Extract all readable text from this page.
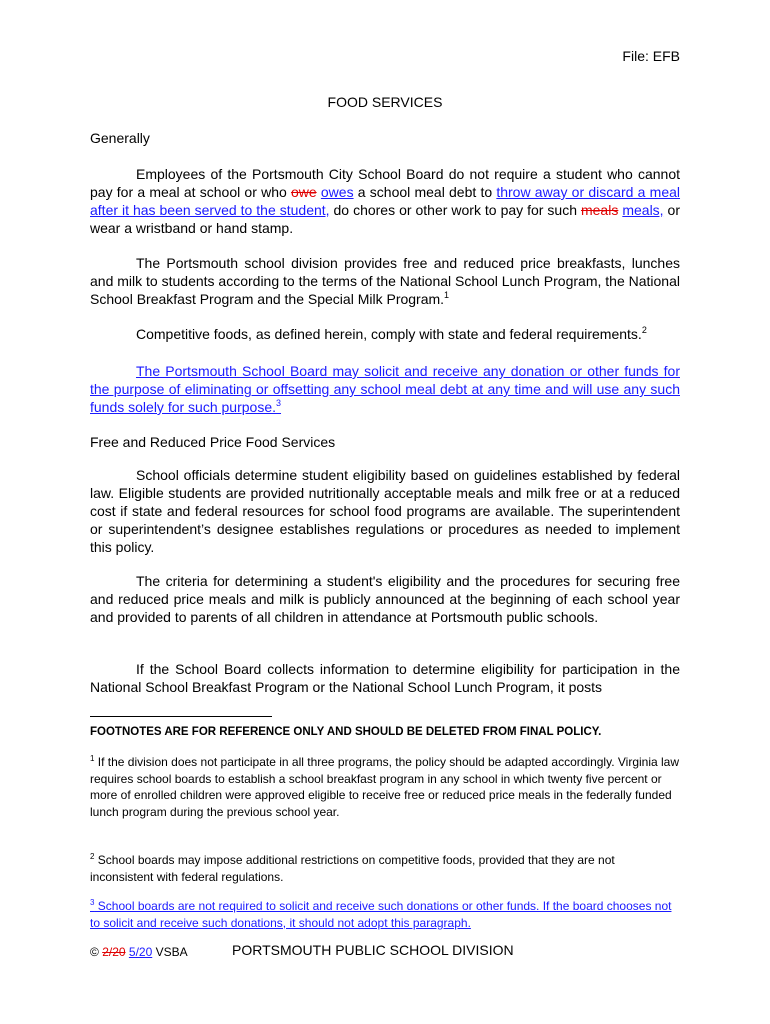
File: EFB
FOOD SERVICES
Generally
Employees of the Portsmouth City School Board do not require a student who cannot pay for a meal at school or who owe owes a school meal debt to throw away or discard a meal after it has been served to the student, do chores or other work to pay for such meals meals, or wear a wristband or hand stamp.
The Portsmouth school division provides free and reduced price breakfasts, lunches and milk to students according to the terms of the National School Lunch Program, the National School Breakfast Program and the Special Milk Program.$^1$
Competitive foods, as defined herein, comply with state and federal requirements.$^2$
The Portsmouth School Board may solicit and receive any donation or other funds for the purpose of eliminating or offsetting any school meal debt at any time and will use any such funds solely for such purpose.$^3$
Free and Reduced Price Food Services
School officials determine student eligibility based on guidelines established by federal law. Eligible students are provided nutritionally acceptable meals and milk free or at a reduced cost if state and federal resources for school food programs are available. The superintendent or superintendent’s designee establishes regulations or procedures as needed to implement this policy.
The criteria for determining a student's eligibility and the procedures for securing free and reduced price meals and milk is publicly announced at the beginning of each school year and provided to parents of all children in attendance at Portsmouth public schools.
If the School Board collects information to determine eligibility for participation in the National School Breakfast Program or the National School Lunch Program, it posts
FOOTNOTES ARE FOR REFERENCE ONLY AND SHOULD BE DELETED FROM FINAL POLICY.
$^1$ If the division does not participate in all three programs, the policy should be adapted accordingly. Virginia law requires school boards to establish a school breakfast program in any school in which twenty five percent or more of enrolled children were approved eligible to receive free or reduced price meals in the federally funded lunch program during the previous school year.
$^2$ School boards may impose additional restrictions on competitive foods, provided that they are not inconsistent with federal regulations.
$^3$ School boards are not required to solicit and receive such donations or other funds. If the board chooses not to solicit and receive such donations, it should not adopt this paragraph.
© 2/20 5/20 VSBA	PORTSMOUTH PUBLIC SCHOOL DIVISION
